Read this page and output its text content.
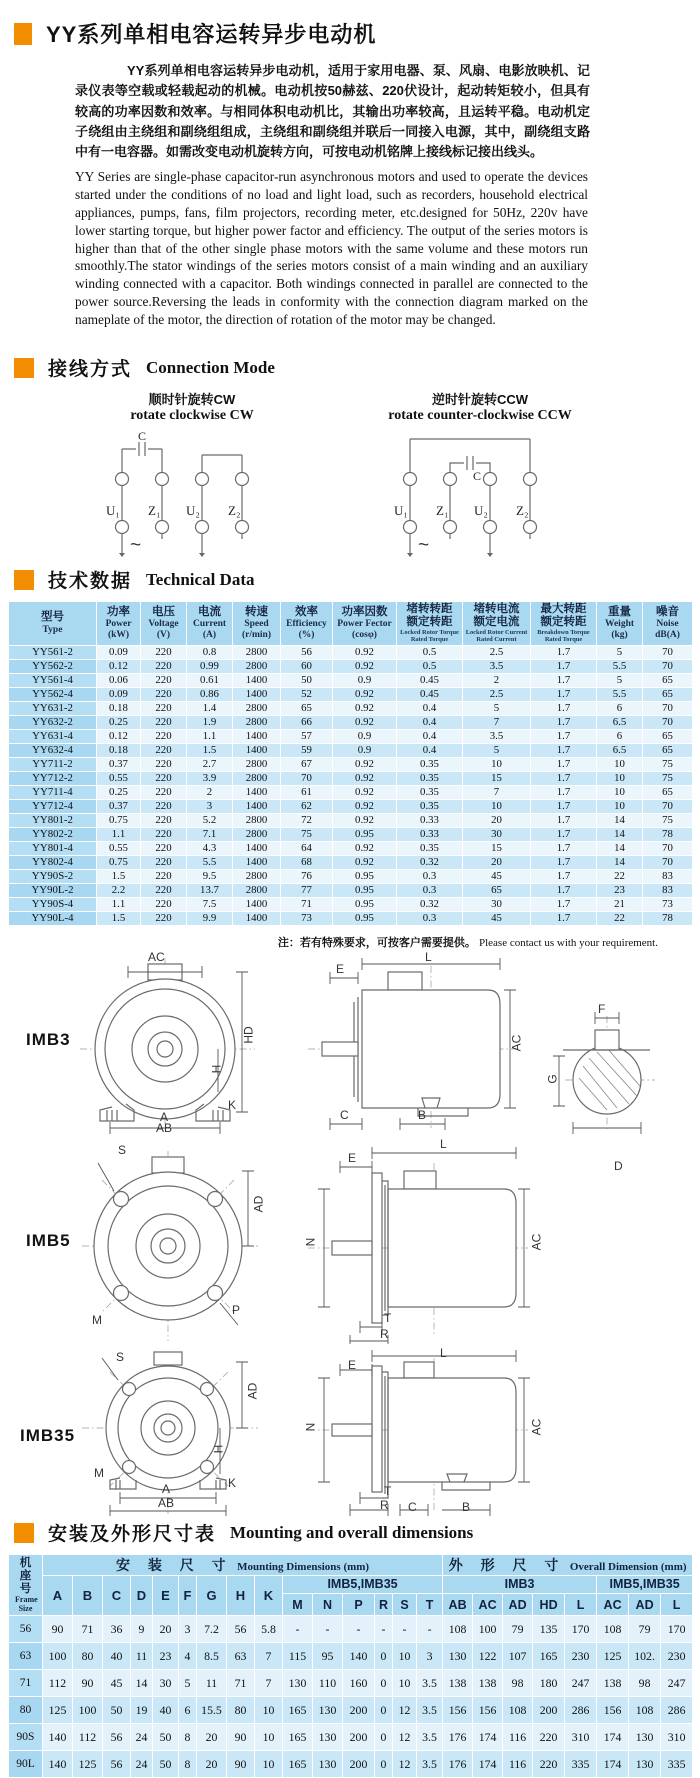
YY系列单相电容运转异步电动机

YY系列单相电容运转异步电动机，适用于家用电器、泵、风扇、电影放映机、记录仪表等空载或轻载起动的机械。电动机按50赫兹、220伏设计，起动转矩较小，但具有较高的功率因数和效率。与相同体积电动机比，其输出功率较高，且运转平稳。电动机定子绕组由主绕组和副绕组组成，主绕组和副绕组并联后一同接入电源，其中，副绕组支路中有一电容器。如需改变电动机旋转方向，可按电动机铭牌上接线标记接出线头。

YY Series are single-phase capacitor-run asynchronous motors and used to operate the devices started under the conditions of no load and light load, such as recorders, household electrical appliances, pumps, fans, film projectors, recording meter, etc.designed for 50Hz, 220v have lower starting torque, but higher power factor and efficiency. The output of the series motors is higher than that of the other single phase motors with the same volume and these motors run smoothly.The stator windings of the series motors consist of a main winding and an auxiliary winding connected with a capacitor. Both windings connected in parallel are connected to the power source.Reversing the leads in conformity with the connection diagram marked on the nameplate of the motor, the direction of rotation of the motor may be changed.

接线方式 Connection Mode
顺时针旋转CW
rotate clockwise CW
逆时针旋转CCW
rotate counter-clockwise CCW
C
U₁ Z₁ U₂ Z₂
~
C
U₁ Z₁ U₂ Z₂
~
技术数据 Technical Data
型号
Type

功率
Power
(kW)

电压
Voltage
(V)

电流
Current
(A)

转速
Speed
(r/min)

效率
Efficiency
(%)

功率因数
Power Fector
(cosφ)

堵转转距
额定转距
Locked Rotor Torque Rated Torque

堵转电流
额定电流
Locked Rotor Current Rated Current

最大转距
额定转距
Breakdown Torque Rated Torque

重量
Weight
(kg)

噪音
Noise
dB(A)

YY561-2	0.09	220	0.8	2800	56	0.92	0.5	2.5	1.7	5	70
YY562-2	0.12	220	0.99	2800	60	0.92	0.5	3.5	1.7	5.5	70
YY561-4	0.06	220	0.61	1400	50	0.9	0.45	2	1.7	5	65
YY562-4	0.09	220	0.86	1400	52	0.92	0.45	2.5	1.7	5.5	65
YY631-2	0.18	220	1.4	2800	65	0.92	0.4	5	1.7	6	70
YY632-2	0.25	220	1.9	2800	66	0.92	0.4	7	1.7	6.5	70
YY631-4	0.12	220	1.1	1400	57	0.9	0.4	3.5	1.7	6	65
YY632-4	0.18	220	1.5	1400	59	0.9	0.4	5	1.7	6.5	65
YY711-2	0.37	220	2.7	2800	67	0.92	0.35	10	1.7	10	75
YY712-2	0.55	220	3.9	2800	70	0.92	0.35	15	1.7	10	75
YY711-4	0.25	220	2	1400	61	0.92	0.35	7	1.7	10	65
YY712-4	0.37	220	3	1400	62	0.92	0.35	10	1.7	10	70
YY801-2	0.75	220	5.2	2800	72	0.92	0.33	20	1.7	14	75
YY802-2	1.1	220	7.1	2800	75	0.95	0.33	30	1.7	14	78
YY801-4	0.55	220	4.3	1400	64	0.92	0.35	15	1.7	14	70
YY802-4	0.75	220	5.5	1400	68	0.92	0.32	20	1.7	14	70
YY90S-2	1.5	220	9.5	2800	76	0.95	0.3	45	1.7	22	83
YY90L-2	2.2	220	13.7	2800	77	0.95	0.3	65	1.7	23	83
YY90S-4	1.1	220	7.5	1400	71	0.95	0.32	30	1.7	21	73
YY90L-4	1.5	220	9.9	1400	73	0.95	0.3	45	1.7	22	78
注：若有特殊要求，可按客户需要提供。 Please contact us with your requirement.
IMB3
AC
HD
H
K
A
AB
L
E
AC
C	B
F
G
IMB5
D
S
AD
M
P
L
E
N	AC
T
R
IMB35
S
AD
M
H
K
A
AB
L
E
N	AC
T
R C	B
安装及外形尺寸表 Mounting and overall dimensions
机座号
Frame Size	安 装 尺 寸 Mounting Dimensions (mm)															外 形 尺 寸 Overall Dimension (mm)							
	A	B	C	D	E	F	G	H	K	IMB5,IMB35						IMB3					IMB5,IMB35		
										M	N	P	R	S	T	AB	AC	AD	HD	L	AC	AD	L
56	90	71	36	9	20	3	7.2	56	5.8	-	-	-	-	-	-	108	100	79	135	170	108	79	170
63	100	80	40	11	23	4	8.5	63	7	115	95	140	0	10	3	130	122	107	165	230	125	102.	230
71	112	90	45	14	30	5	11	71	7	130	110	160	0	10	3.5	138	138	98	180	247	138	98	247
80	125	100	50	19	40	6	15.5	80	10	165	130	200	0	12	3.5	156	156	108	200	286	156	108	286
90S	140	112	56	24	50	8	20	90	10	165	130	200	0	12	3.5	176	174	116	220	310	174	130	310
90L	140	125	56	24	50	8	20	90	10	165	130	200	0	12	3.5	176	174	116	220	335	174	130	335
